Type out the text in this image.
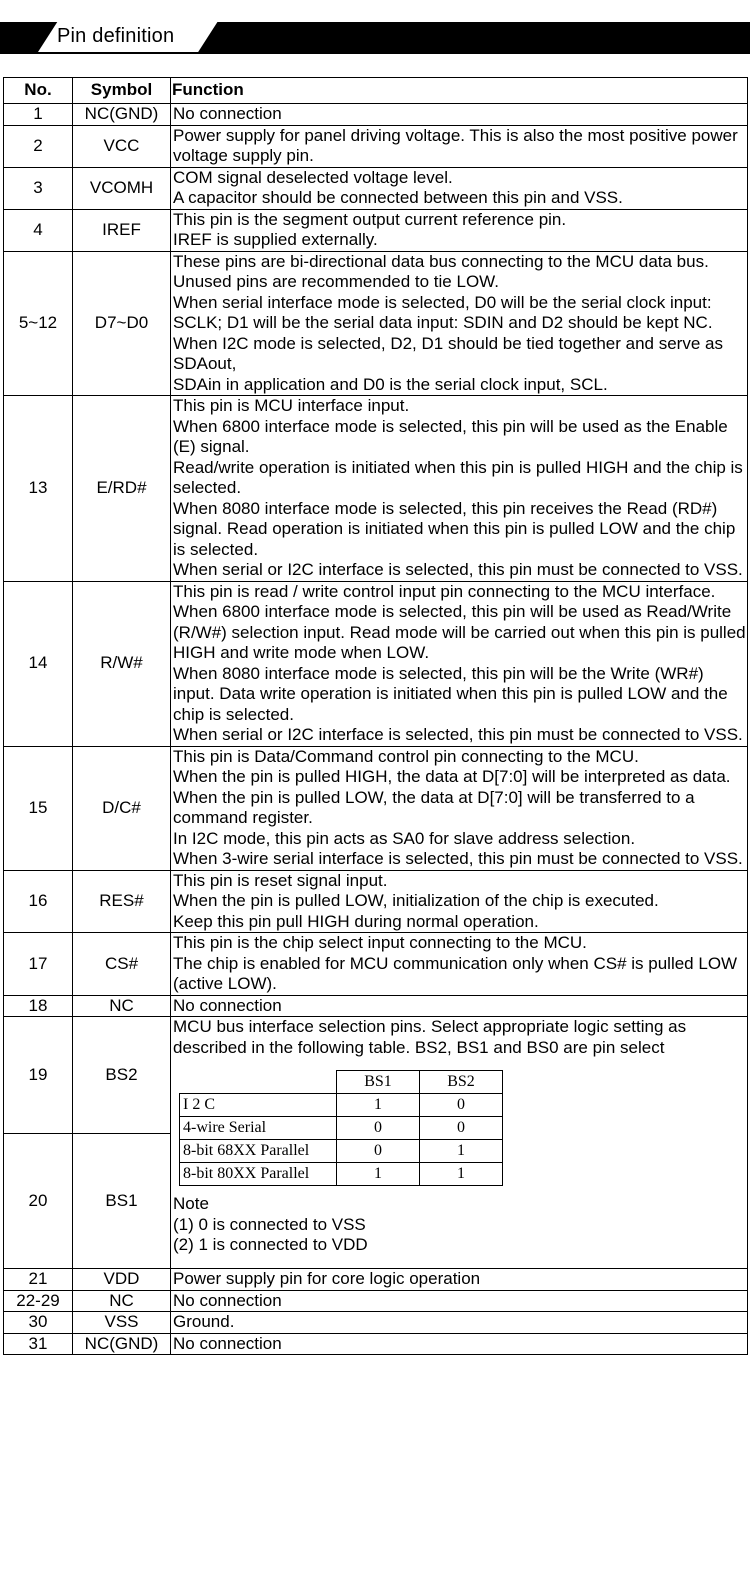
Pin definition
No.	Symbol	Function
1	NC(GND)	No connection

2	VCC	
Power supply for panel driving voltage. This is also the most positive power voltage supply pin.

3	VCOMH	
COM signal deselected voltage level.
A capacitor should be connected between this pin and VSS.

4	IREF	
This pin is the segment output current reference pin.
IREF is supplied externally.

5~12	D7~D0	
These pins are bi-directional data bus connecting to the MCU data bus.
Unused pins are recommended to tie LOW.
When serial interface mode is selected, D0 will be the serial clock input: SCLK; D1 will be the serial data input: SDIN and D2 should be kept NC.
When I2C mode is selected, D2, D1 should be tied together and serve as SDAout,
SDAin in application and D0 is the serial clock input, SCL.

13	E/RD#	
This pin is MCU interface input.
When 6800 interface mode is selected, this pin will be used as the Enable (E) signal.
Read/write operation is initiated when this pin is pulled HIGH and the chip is selected.
When 8080 interface mode is selected, this pin receives the Read (RD#) signal. Read operation is initiated when this pin is pulled LOW and the chip is selected.
When serial or I2C interface is selected, this pin must be connected to VSS.

14	R/W#	
This pin is read / write control input pin connecting to the MCU interface.
When 6800 interface mode is selected, this pin will be used as Read/Write (R/W#) selection input. Read mode will be carried out when this pin is pulled HIGH and write mode when LOW.
When 8080 interface mode is selected, this pin will be the Write (WR#) input. Data write operation is initiated when this pin is pulled LOW and the chip is selected.
When serial or I2C interface is selected, this pin must be connected to VSS.

15	D/C#	
This pin is Data/Command control pin connecting to the MCU.
When the pin is pulled HIGH, the data at D[7:0] will be interpreted as data.
When the pin is pulled LOW, the data at D[7:0] will be transferred to a command register.
In I2C mode, this pin acts as SA0 for slave address selection.
When 3-wire serial interface is selected, this pin must be connected to VSS.

16	RES#	
This pin is reset signal input.
When the pin is pulled LOW, initialization of the chip is executed.
Keep this pin pull HIGH during normal operation.

17	CS#	
This pin is the chip select input connecting to the MCU.
The chip is enabled for MCU communication only when CS# is pulled LOW (active LOW).

18	NC	No connection

19	BS2	
MCU bus interface selection pins. Select appropriate logic setting as described in the following table. BS2, BS1 and BS0 are pin select
	BS1	BS2
I 2 C	1	0
4-wire Serial	0	0
8-bit 68XX Parallel	0	1
8-bit 80XX Parallel	1	1
Note
(1) 0 is connected to VSS
(2) 1 is connected to VDD

20	BS1
21	VDD	Power supply pin for core logic operation
22-29	NC	No connection
30	VSS	Ground.
31	NC(GND)	No connection
